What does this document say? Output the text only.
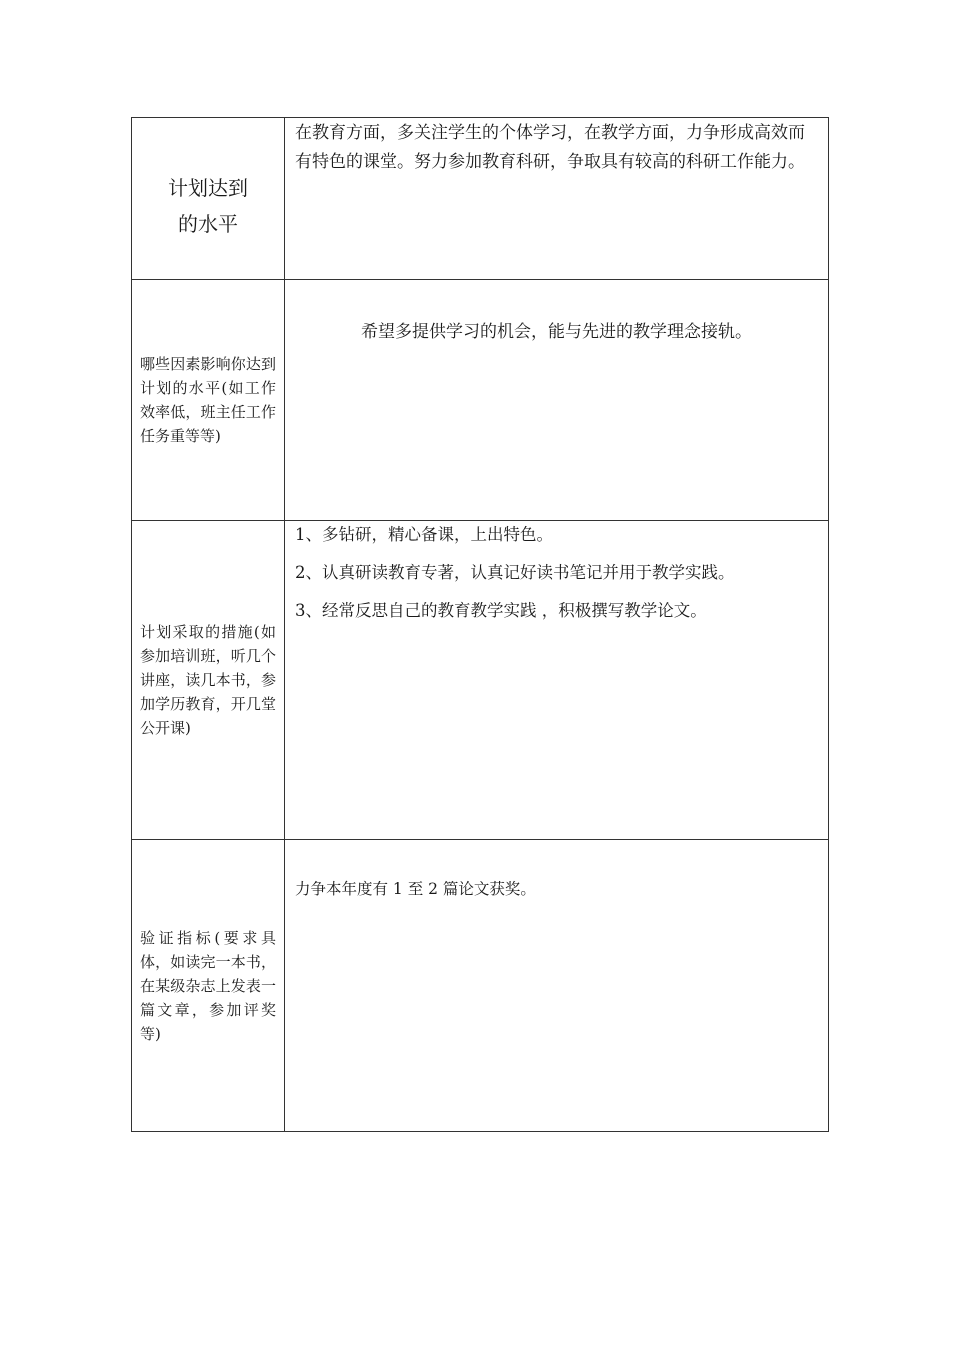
计划达到
的水平	在教育方面，多关注学生的个体学习，在教学方面，力争形成高效而有特色的课堂。努力参加教育科研，争取具有较高的科研工作能力。

哪些因素影响你达到计划的水平(如工作效率低，班主任工作任务重等等)	希望多提供学习的机会，能与先进的教学理念接轨。

计划采取的措施(如参加培训班，听几个讲座，读几本书，参加学历教育，开几堂公开课)	1、多钻研，精心备课，上出特色。
2、认真研读教育专著，认真记好读书笔记并用于教学实践。
3、经常反思自己的教育教学实践 ，积极撰写教学论文。

验证指标(要求具体，如读完一本书，在某级杂志上发表一篇文章，参加评奖等)	力争本年度有 1 至 2 篇论文获奖。
